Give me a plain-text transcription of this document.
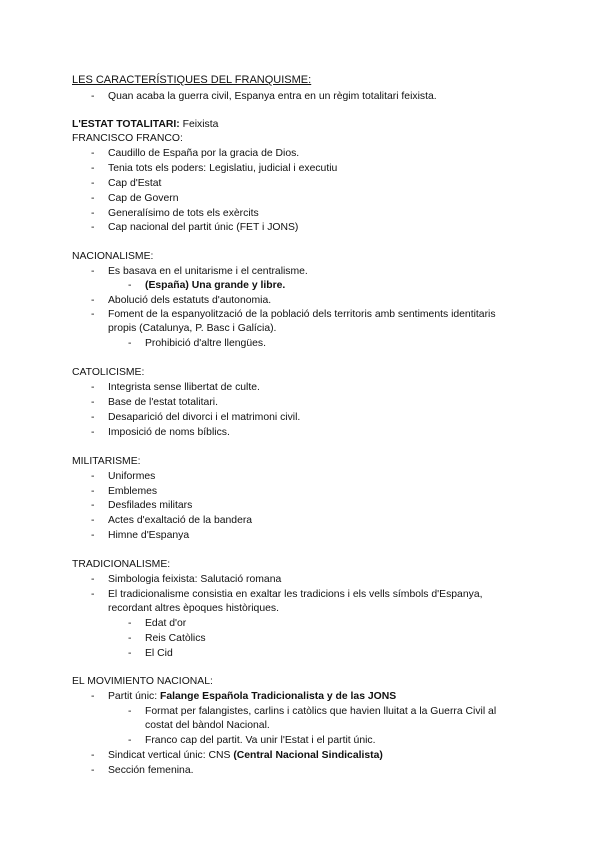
LES CARACTERÍSTIQUES DEL FRANQUISME:
- Quan acaba la guerra civil, Espanya entra en un règim totalitari feixista.
L'ESTAT TOTALITARI: Feixista
FRANCISCO FRANCO:
- Caudillo de España por la gracia de Dios.
- Tenia tots els poders: Legislatiu, judicial i executiu
- Cap d'Estat
- Cap de Govern
- Generalísimo de tots els exèrcits
- Cap nacional del partit únic (FET i JONS)
NACIONALISME:
- Es basava en el unitarisme i el centralisme.
- (España) Una grande y libre.
- Abolució dels estatuts d'autonomia.
- Foment de la espanyolització de la població dels territoris amb sentiments identitaris
propis (Catalunya, P. Basc i Galícia).
- Prohibició d'altre llengües.
CATOLICISME:
- Integrista sense llibertat de culte.
- Base de l'estat totalitari.
- Desaparició del divorci i el matrimoni civil.
- Imposició de noms bíblics.
MILITARISME:
- Uniformes
- Emblemes
- Desfilades militars
- Actes d'exaltació de la bandera
- Himne d'Espanya
TRADICIONALISME:
- Simbologia feixista: Salutació romana
- El tradicionalisme consistia en exaltar les tradicions i els vells símbols d'Espanya,
recordant altres èpoques històriques.
- Edat d'or
- Reis Catòlics
- El Cid
EL MOVIMIENTO NACIONAL:
- Partit únic: Falange Española Tradicionalista y de las JONS
- Format per falangistes, carlins i catòlics que havien lluitat a la Guerra Civil al
costat del bàndol Nacional.
- Franco cap del partit. Va unir l'Estat i el partit únic.
- Sindicat vertical únic: CNS (Central Nacional Sindicalista)
- Sección femenina.
